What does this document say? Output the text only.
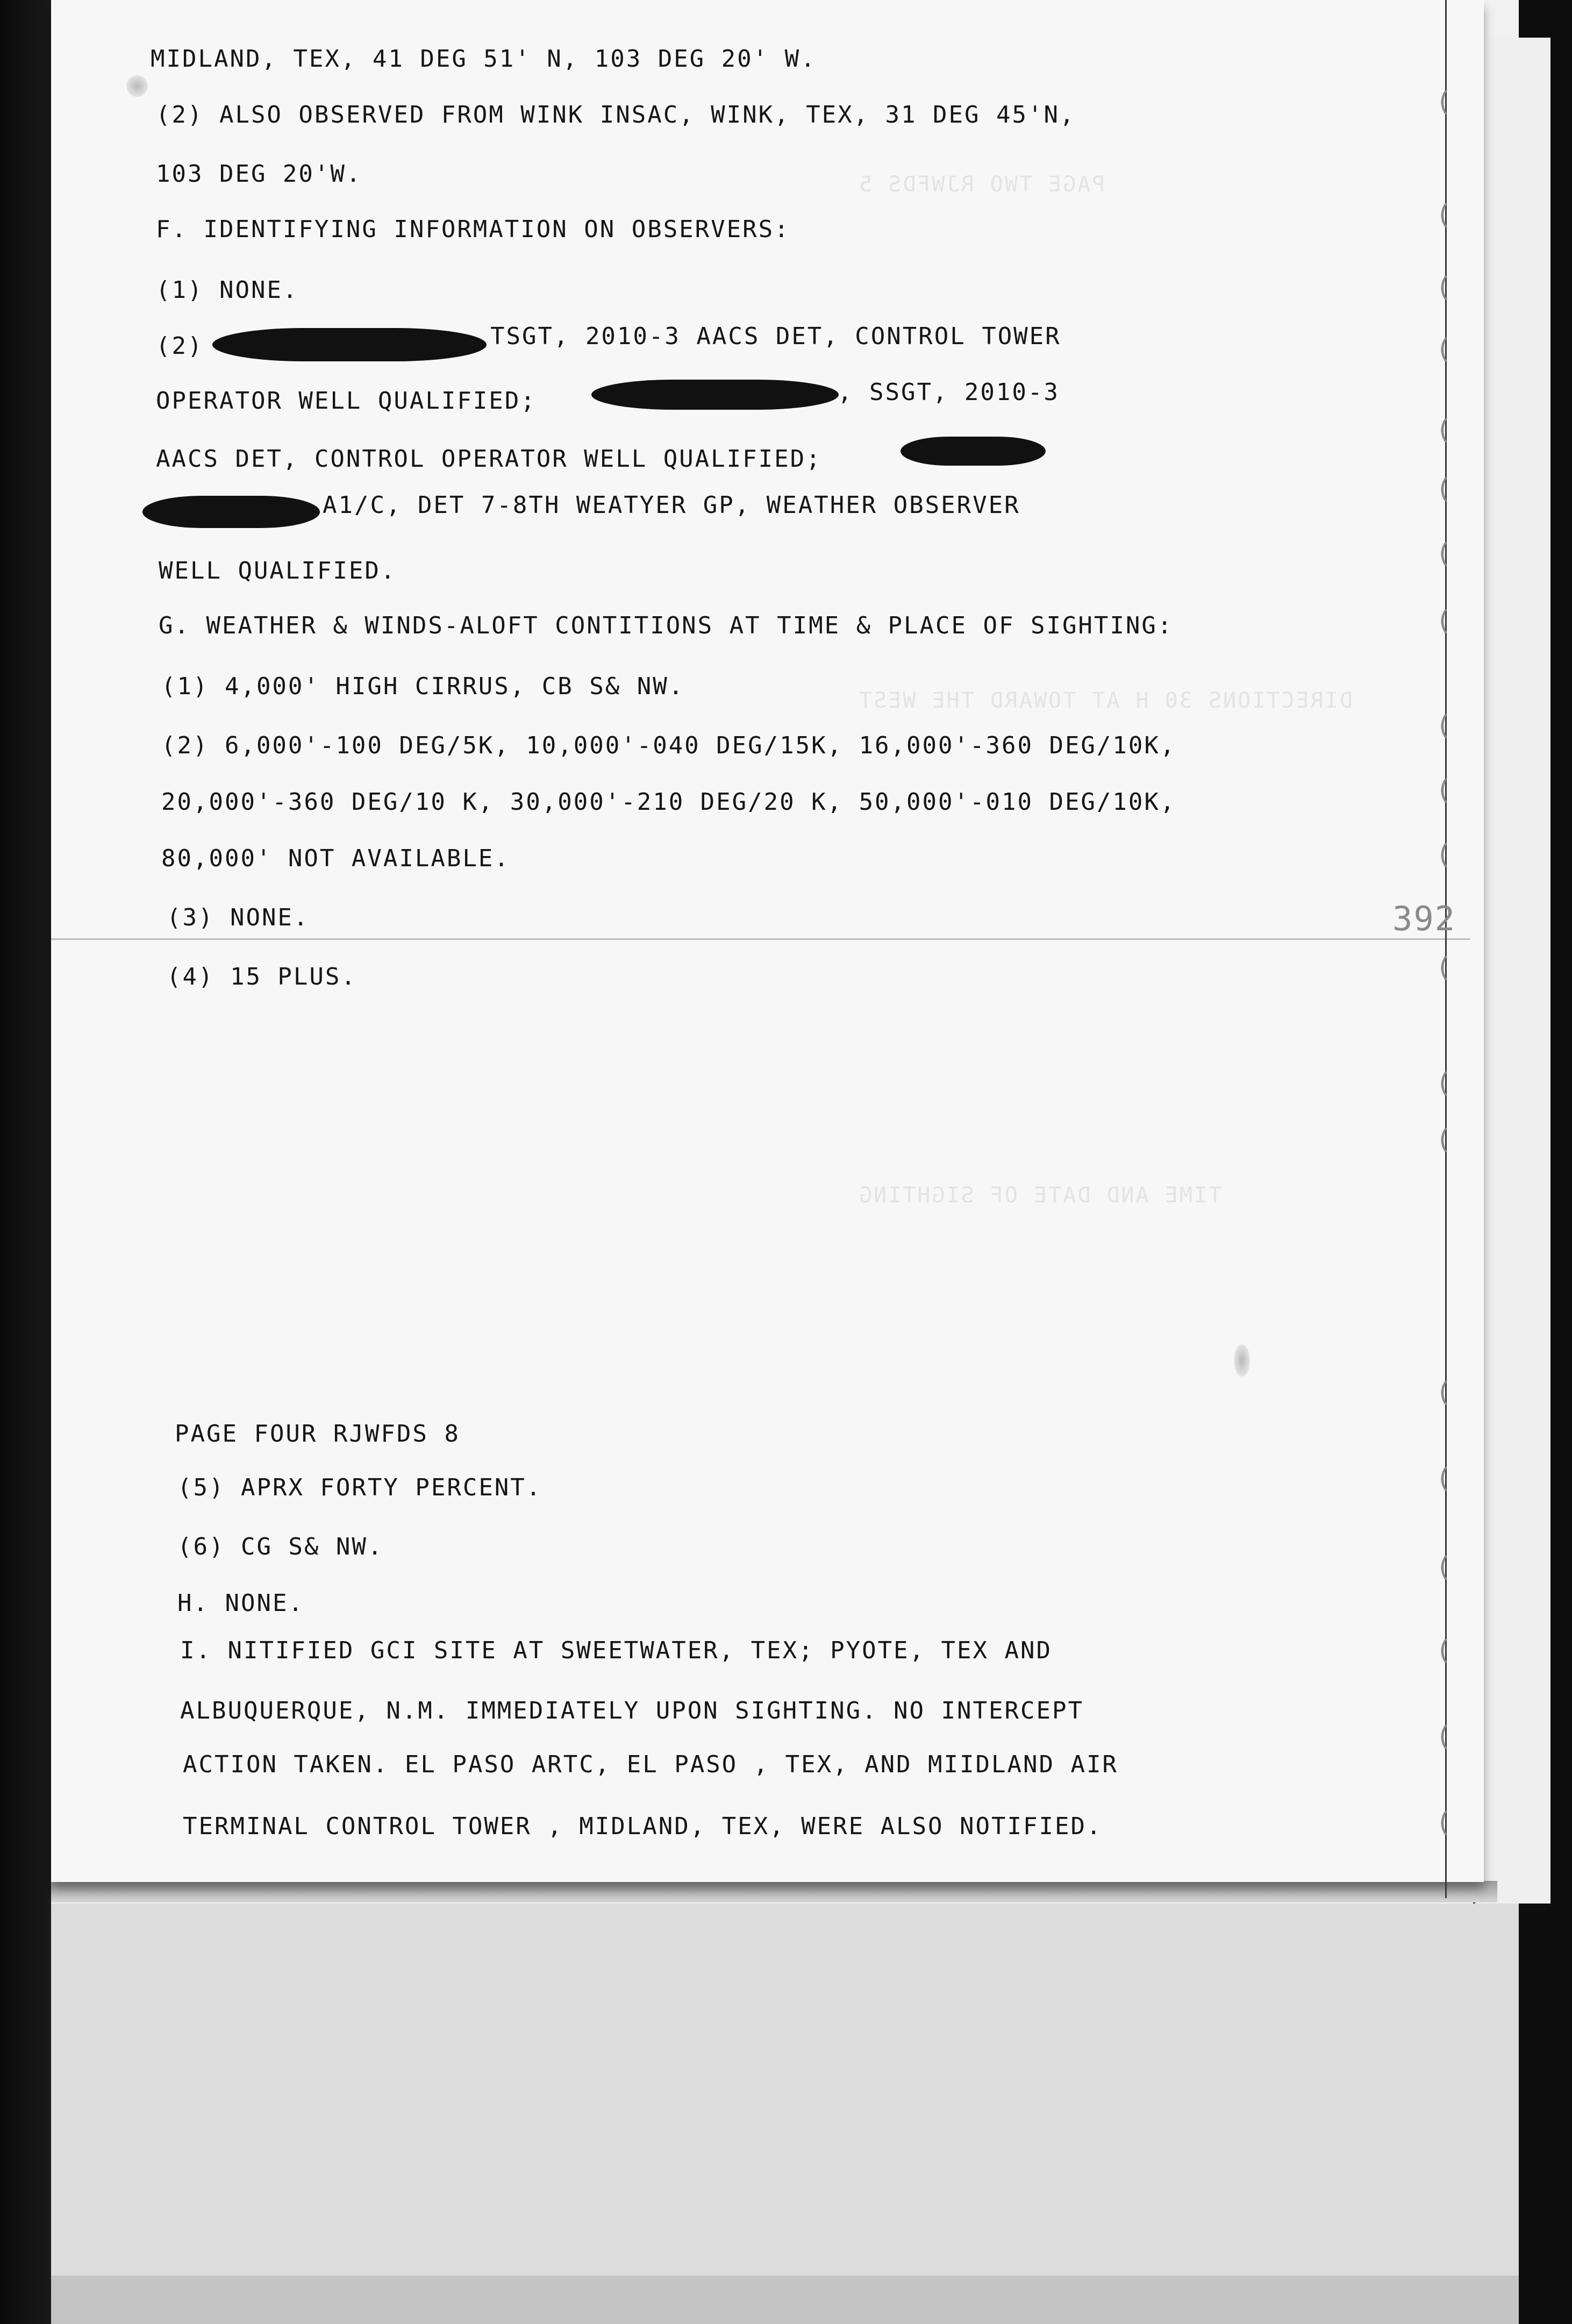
PAGE TWO RJWFDS 5
DIRECTIONS 30 H AT TOWARD THE WEST
TIME AND DATE OF SIGHTING
(
(
(
(
(
(
(
(
(
(
(
(
(
(
(
(
(
(
(
(
392
MIDLAND, TEX, 41 DEG 51' N, 103 DEG 20' W.
(2) ALSO OBSERVED FROM WINK INSAC, WINK, TEX, 31 DEG 45'N,
103 DEG 20'W.
F. IDENTIFYING INFORMATION ON OBSERVERS:
(1) NONE.
(2)	TSGT, 2010-3 AACS DET, CONTROL TOWER
OPERATOR WELL QUALIFIED;	, SSGT, 2010-3
AACS DET, CONTROL OPERATOR WELL QUALIFIED;
A1/C, DET 7-8TH WEATYER GP, WEATHER OBSERVER
WELL QUALIFIED.
G. WEATHER & WINDS-ALOFT CONTITIONS AT TIME & PLACE OF SIGHTING:
(1) 4,000' HIGH CIRRUS, CB S& NW.
(2) 6,000'-100 DEG/5K, 10,000'-040 DEG/15K, 16,000'-360 DEG/10K,
20,000'-360 DEG/10 K, 30,000'-210 DEG/20 K, 50,000'-010 DEG/10K,
80,000' NOT AVAILABLE.
(3) NONE.
(4) 15 PLUS.
PAGE FOUR RJWFDS 8
(5) APRX FORTY PERCENT.
(6) CG S& NW.
H. NONE.
I. NITIFIED GCI SITE AT SWEETWATER, TEX; PYOTE, TEX AND
ALBUQUERQUE, N.M. IMMEDIATELY UPON SIGHTING. NO INTERCEPT
ACTION TAKEN. EL PASO ARTC, EL PASO , TEX, AND MIIDLAND AIR
TERMINAL CONTROL TOWER , MIDLAND, TEX, WERE ALSO NOTIFIED.
